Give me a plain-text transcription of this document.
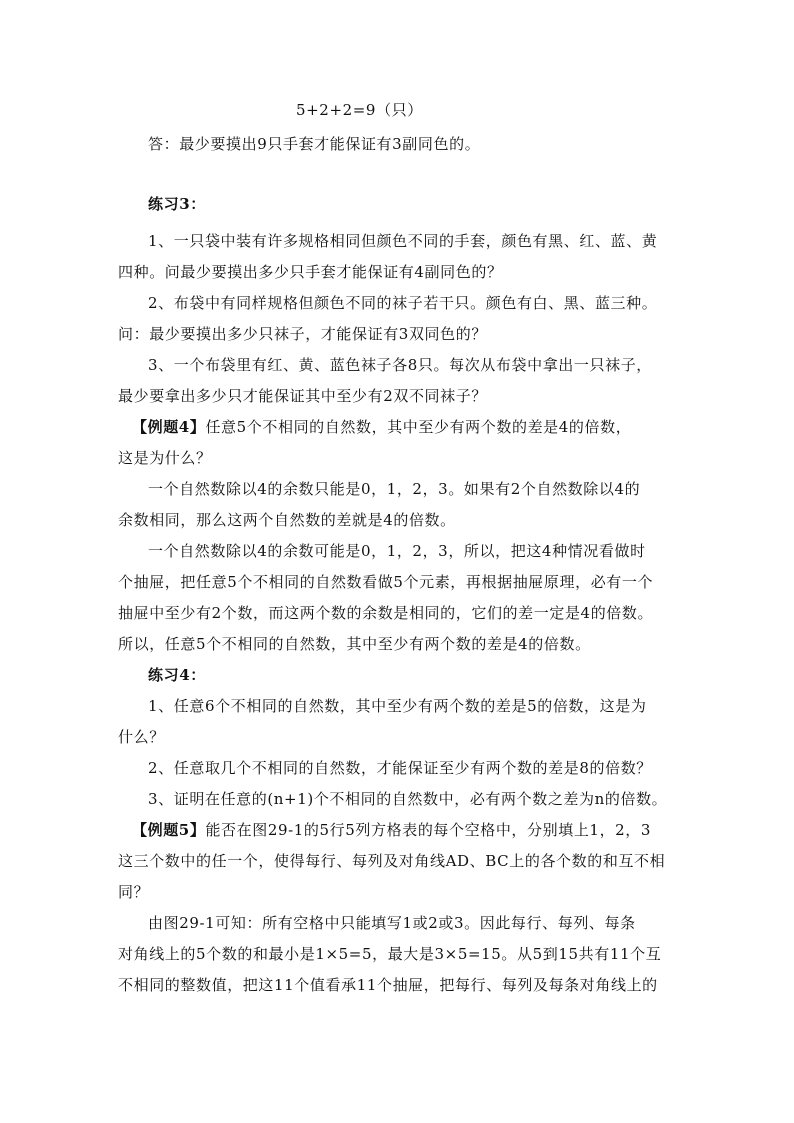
5+2+2=9（只）
答：最少要摸出9只手套才能保证有3副同色的。
练习3：
1、一只袋中装有许多规格相同但颜色不同的手套，颜色有黑、红、蓝、黄
四种。问最少要摸出多少只手套才能保证有4副同色的？
2、布袋中有同样规格但颜色不同的袜子若干只。颜色有白、黑、蓝三种。
问：最少要摸出多少只袜子，才能保证有3双同色的？
3、一个布袋里有红、黄、蓝色袜子各8只。每次从布袋中拿出一只袜子，
最少要拿出多少只才能保证其中至少有2双不同袜子？
【例题4】任意5个不相同的自然数，其中至少有两个数的差是4的倍数，
这是为什么？
一个自然数除以4的余数只能是0，1，2，3。如果有2个自然数除以4的
余数相同，那么这两个自然数的差就是4的倍数。
一个自然数除以4的余数可能是0，1，2，3，所以，把这4种情况看做时
个抽屉，把任意5个不相同的自然数看做5个元素，再根据抽屉原理，必有一个
抽屉中至少有2个数，而这两个数的余数是相同的，它们的差一定是4的倍数。
所以，任意5个不相同的自然数，其中至少有两个数的差是4的倍数。
练习4：
1、任意6个不相同的自然数，其中至少有两个数的差是5的倍数，这是为
什么？
2、任意取几个不相同的自然数，才能保证至少有两个数的差是8的倍数？
3、证明在任意的(n+1)个不相同的自然数中，必有两个数之差为n的倍数。
【例题5】能否在图29-1的5行5列方格表的每个空格中，分别填上1，2，3
这三个数中的任一个，使得每行、每列及对角线AD、BC上的各个数的和互不相
同？
由图29-1可知：所有空格中只能填写1或2或3。因此每行、每列、每条
对角线上的5个数的和最小是1×5=5，最大是3×5=15。从5到15共有11个互
不相同的整数值，把这11个值看承11个抽屉，把每行、每列及每条对角线上的
